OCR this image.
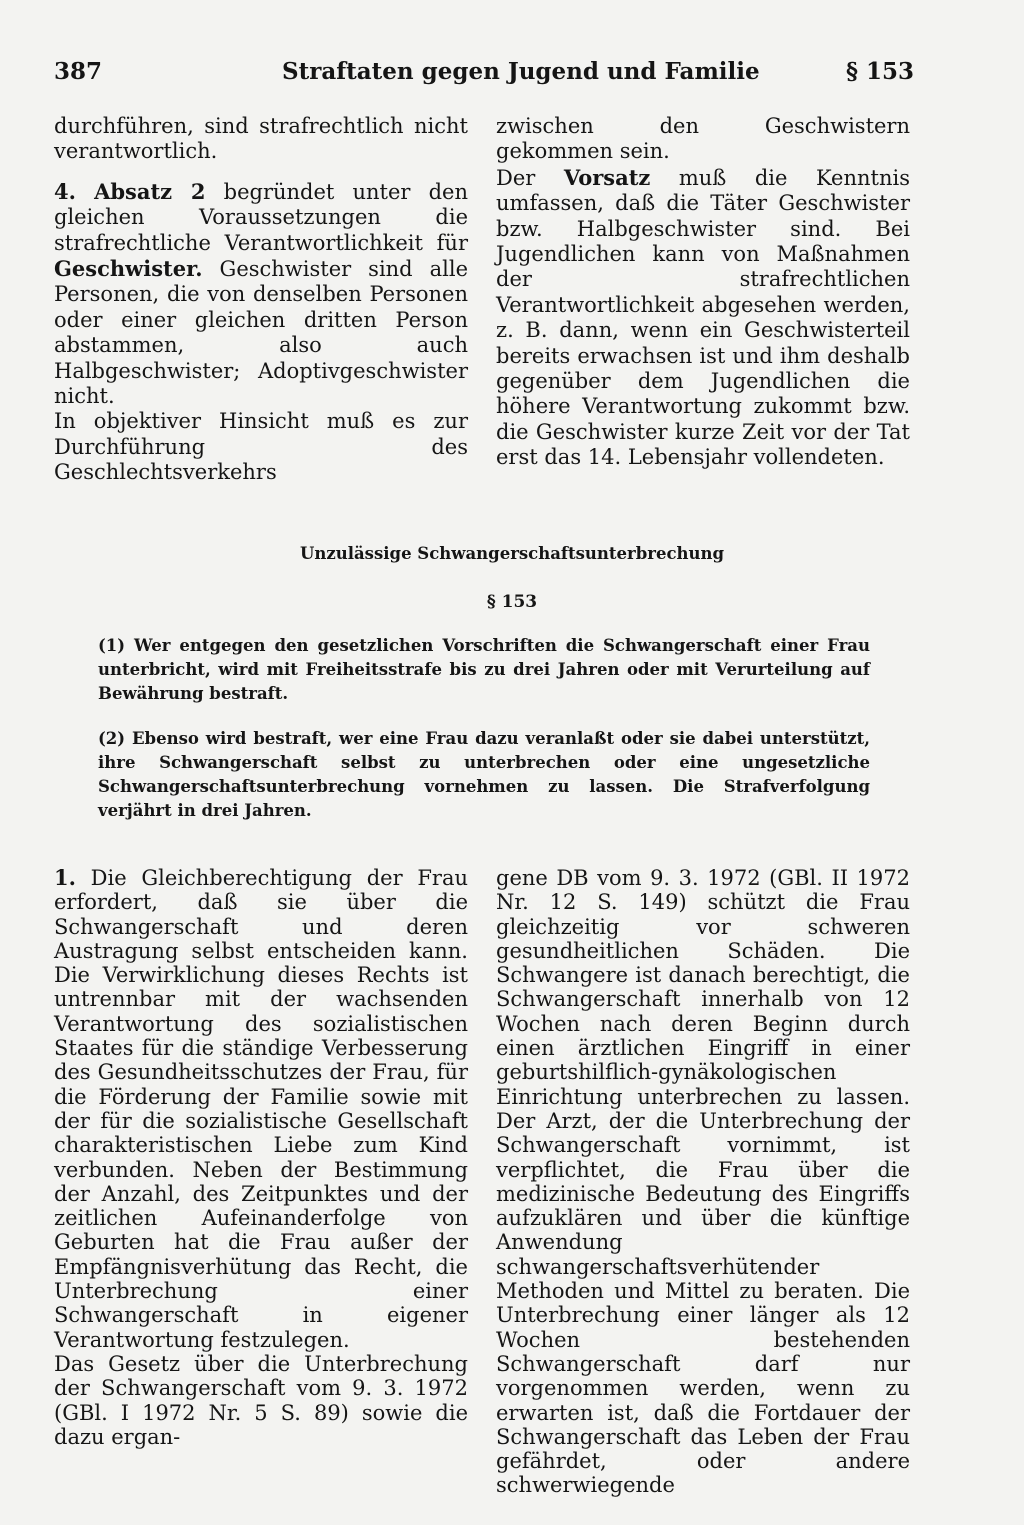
387	Straftaten gegen Jugend und Familie	§ 153

durchführen, sind strafrechtlich nicht verantwortlich.

4. Absatz 2 begründet unter den gleichen Voraussetzungen die strafrechtliche Verantwortlichkeit für Geschwister. Geschwister sind alle Personen, die von denselben Personen oder einer gleichen dritten Person abstammen, also auch Halbgeschwister; Adoptivgeschwister nicht.

In objektiver Hinsicht muß es zur Durchführung des Geschlechtsverkehrs

zwischen den Geschwistern gekommen sein.

Der Vorsatz muß die Kenntnis umfassen, daß die Täter Geschwister bzw. Halbgeschwister sind. Bei Jugendlichen kann von Maßnahmen der strafrechtlichen Verantwortlichkeit abgesehen werden, z. B. dann, wenn ein Geschwisterteil bereits erwachsen ist und ihm deshalb gegenüber dem Jugendlichen die höhere Verantwortung zukommt bzw. die Geschwister kurze Zeit vor der Tat erst das 14. Lebensjahr vollendeten.

Unzulässige Schwangerschaftsunterbrechung
§ 153

(1) Wer entgegen den gesetzlichen Vorschriften die Schwangerschaft einer Frau unterbricht, wird mit Freiheitsstrafe bis zu drei Jahren oder mit Verurteilung auf Bewährung bestraft.

(2) Ebenso wird bestraft, wer eine Frau dazu veranlaßt oder sie dabei unterstützt, ihre Schwangerschaft selbst zu unterbrechen oder eine ungesetzliche Schwangerschaftsunterbrechung vornehmen zu lassen. Die Strafverfolgung verjährt in drei Jahren.

1. Die Gleichberechtigung der Frau erfordert, daß sie über die Schwangerschaft und deren Austragung selbst entscheiden kann. Die Verwirklichung dieses Rechts ist untrennbar mit der wachsenden Verantwortung des sozialistischen Staates für die ständige Verbesserung des Gesundheitsschutzes der Frau, für die Förderung der Familie sowie mit der für die sozialistische Gesellschaft charakteristischen Liebe zum Kind verbunden. Neben der Bestimmung der Anzahl, des Zeitpunktes und der zeitlichen Aufeinanderfolge von Geburten hat die Frau außer der Empfängnisverhütung das Recht, die Unterbrechung einer Schwangerschaft in eigener Verantwortung festzulegen.

Das Gesetz über die Unterbrechung der Schwangerschaft vom 9. 3. 1972 (GBl. I 1972 Nr. 5 S. 89) sowie die dazu ergan-

gene DB vom 9. 3. 1972 (GBl. II 1972 Nr. 12 S. 149) schützt die Frau gleichzeitig vor schweren gesundheitlichen Schäden. Die Schwangere ist danach berechtigt, die Schwangerschaft innerhalb von 12 Wochen nach deren Beginn durch einen ärztlichen Eingriff in einer geburtshilflich-gynäkologischen Einrichtung unterbrechen zu lassen. Der Arzt, der die Unterbrechung der Schwangerschaft vornimmt, ist verpflichtet, die Frau über die medizinische Bedeutung des Eingriffs aufzuklären und über die künftige Anwendung schwangerschaftsverhütender Methoden und Mittel zu beraten. Die Unterbrechung einer länger als 12 Wochen bestehenden Schwangerschaft darf nur vorgenommen werden, wenn zu erwarten ist, daß die Fortdauer der Schwangerschaft das Leben der Frau gefährdet, oder andere schwerwiegende
